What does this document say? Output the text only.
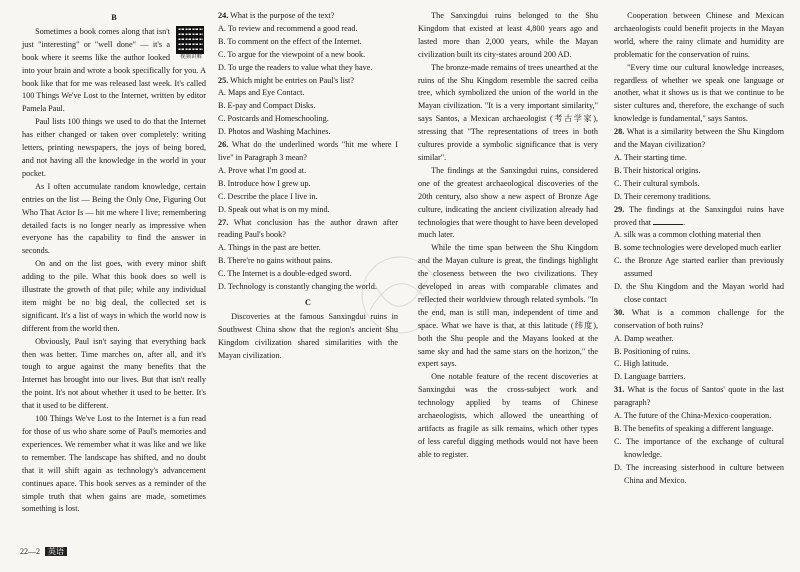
B
视频讲解

Sometimes a book comes along that isn't just "interesting" or "well done" — it's a book where it seems like the author looked into your brain and wrote a book specifically for you. A book like that for me was released last week. It's called 100 Things We've Lost to the Internet, written by editor Pamela Paul.

Paul lists 100 things we used to do that the Internet has either changed or taken over completely: writing letters, printing newspapers, the joys of being bored, and not having all the knowledge in the world in your pocket.

As I often accumulate random knowledge, certain entries on the list — Being the Only One, Figuring Out Who That Actor Is — hit me where I live; remembering detailed facts is no longer nearly as impressive when everyone has the capability to find the answer in seconds.

On and on the list goes, with every minor shift adding to the pile. What this book does so well is illustrate the growth of that pile; while any individual item might be no big deal, the collected set is significant. It's a list of ways in which the world now is different from the world then.

Obviously, Paul isn't saying that everything back then was better. Time marches on, after all, and it's tough to argue against the many benefits that the Internet has brought into our lives. But that isn't really the point. It's not about whether it used to be better. It's that it used to be different.

100 Things We've Lost to the Internet is a fun read for those of us who share some of Paul's memories and experiences. We remember what it was like and we like to remember. The landscape has shifted, and no doubt that it will shift again as technology's advancement continues apace. This book serves as a reminder of the simple truth that when gains are made, sometimes something is lost.

24. What is the purpose of the text?

A. To review and recommend a good read.

B. To comment on the effect of the Internet.

C. To argue for the viewpoint of a new book.

D. To urge the readers to value what they have.

25. Which might be entries on Paul's list?

A. Maps and Eye Contact.

B. E-pay and Compact Disks.

C. Postcards and Homeschooling.

D. Photos and Washing Machines.

26. What do the underlined words "hit me where I live" in Paragraph 3 mean?

A. Prove what I'm good at.

B. Introduce how I grew up.

C. Describe the place I live in.

D. Speak out what is on my mind.

27. What conclusion has the author drawn after reading Paul's book?

A. Things in the past are better.

B. There're no gains without pains.

C. The Internet is a double-edged sword.

D. Technology is constantly changing the world.

C

Discoveries at the famous Sanxingdui ruins in Southwest China show that the region's ancient Shu Kingdom civilization shared similarities with the Mayan civilization.

The Sanxingdui ruins belonged to the Shu Kingdom that existed at least 4,800 years ago and lasted more than 2,000 years, while the Mayan civilization built its city-states around 200 AD.

The bronze-made remains of trees unearthed at the ruins of the Shu Kingdom resemble the sacred ceiba tree, which symbolized the union of the world in the Mayan civilization. "It is a very important similarity," says Santos, a Mexican archaeologist (考古学家), stressing that "The representations of trees in both cultures provide a symbolic significance that is very similar".

The findings at the Sanxingdui ruins, considered one of the greatest archaeological discoveries of the 20th century, also show a new aspect of Bronze Age culture, indicating the ancient civilization already had technologies that were thought to have been developed much later.

While the time span between the Shu Kingdom and the Mayan culture is great, the findings highlight the closeness between the two civilizations. They developed in areas with comparable climates and reflected their worldview through related symbols. "In the end, man is still man, independent of time and space. What we have is that, at this latitude (纬度), both the Shu people and the Mayans looked at the same sky and had the same stars on the horizon," the expert says.

One notable feature of the recent discoveries at Sanxingdui was the cross-subject work and technology applied by teams of Chinese archaeologists, which allowed the unearthing of artifacts as fragile as silk remains, which other types of less careful digging methods would not have been able to register.

Cooperation between Chinese and Mexican archaeologists could benefit projects in the Mayan world, where the rainy climate and humidity are problematic for the conservation of ruins.

"Every time our cultural knowledge increases, regardless of whether we speak one language or another, what it shows us is that we continue to be sister cultures and, therefore, the exchange of such knowledge is fundamental," says Santos.

28. What is a similarity between the Shu Kingdom and the Mayan civilization?

A. Their starting time.

B. Their historical origins.

C. Their cultural symbols.

D. Their ceremony traditions.

29. The findings at the Sanxingdui ruins have proved that	.

A. silk was a common clothing material then

B. some technologies were developed much earlier

C. the Bronze Age started earlier than previously assumed

D. the Shu Kingdom and the Mayan world had close contact

30. What is a common challenge for the conservation of both ruins?

A. Damp weather.

B. Positioning of ruins.

C. High latitude.

D. Language barriers.

31. What is the focus of Santos' quote in the last paragraph?

A. The future of the China-Mexico cooperation.

B. The benefits of speaking a different language.

C. The importance of the exchange of cultural knowledge.

D. The increasing sisterhood in culture between China and Mexico.

22—2 英语
